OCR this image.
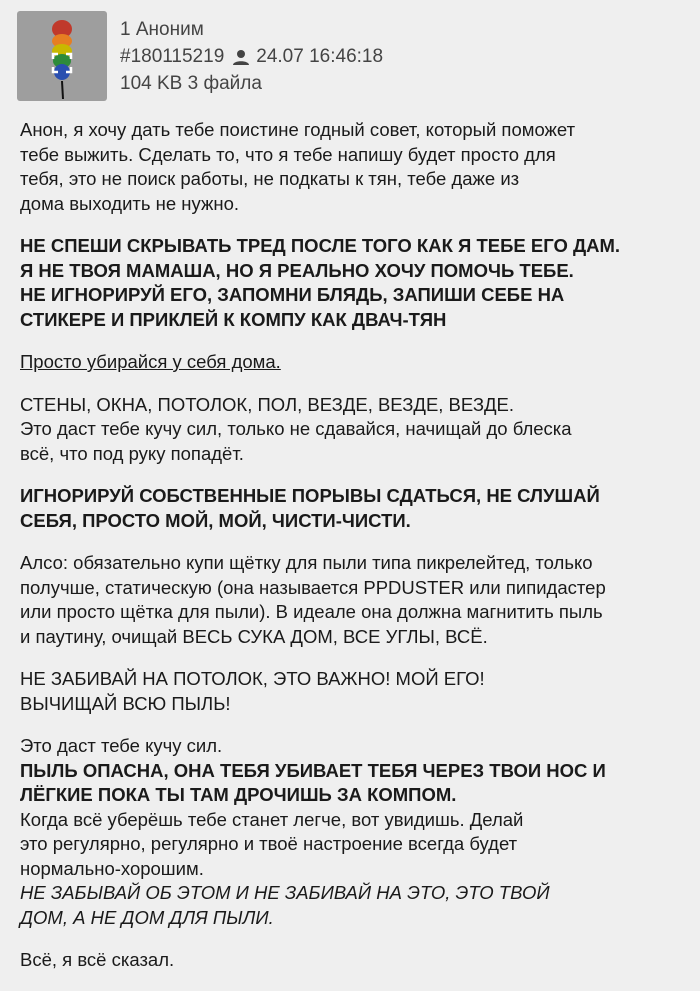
1
Аноним
#180115219 24.07 16:46:18
104 KB 3 файла
Анон, я хочу дать тебе поистине годный совет, который поможет
тебе выжить. Сделать то, что я тебе напишу будет просто для
тебя, это не поиск работы, не подкаты к тян, тебе даже из
дома выходить не нужно.
НЕ СПЕШИ СКРЫВАТЬ ТРЕД ПОСЛЕ ТОГО КАК Я ТЕБЕ ЕГО ДАМ.
Я НЕ ТВОЯ МАМАША, НО Я РЕАЛЬНО ХОЧУ ПОМОЧЬ ТЕБЕ.
НЕ ИГНОРИРУЙ ЕГО, ЗАПОМНИ БЛЯДЬ, ЗАПИШИ СЕБЕ НА
СТИКЕРЕ И ПРИКЛЕЙ К КОМПУ КАК ДВАЧ-ТЯН
Просто убирайся у себя дома.
СТЕНЫ, ОКНА, ПОТОЛОК, ПОЛ, ВЕЗДЕ, ВЕЗДЕ, ВЕЗДЕ.
Это даст тебе кучу сил, только не сдавайся, начищай до блеска
всё, что под руку попадёт.
ИГНОРИРУЙ СОБСТВЕННЫЕ ПОРЫВЫ СДАТЬСЯ, НЕ СЛУШАЙ
СЕБЯ, ПРОСТО МОЙ, МОЙ, ЧИСТИ-ЧИСТИ.
Алсо: обязательно купи щётку для пыли типа пикрелейтед, только
получше, статическую (она называется PPDUSTER или пипидастер
или просто щётка для пыли). В идеале она должна магнитить пыль
и паутину, очищай ВЕСЬ СУКА ДОМ, ВСЕ УГЛЫ, ВСЁ.
НЕ ЗАБИВАЙ НА ПОТОЛОК, ЭТО ВАЖНО! МОЙ ЕГО!
ВЫЧИЩАЙ ВСЮ ПЫЛЬ!
Это даст тебе кучу сил.
ПЫЛЬ ОПАСНА, ОНА ТЕБЯ УБИВАЕТ ТЕБЯ ЧЕРЕЗ ТВОИ НОС И
ЛЁГКИЕ ПОКА ТЫ ТАМ ДРОЧИШЬ ЗА КОМПОМ.
Когда всё уберёшь тебе станет легче, вот увидишь. Делай
это регулярно, регулярно и твоё настроение всегда будет
нормально-хорошим.
НЕ ЗАБЫВАЙ ОБ ЭТОМ И НЕ ЗАБИВАЙ НА ЭТО, ЭТО ТВОЙ
ДОМ, А НЕ ДОМ ДЛЯ ПЫЛИ.
Всё, я всё сказал.
